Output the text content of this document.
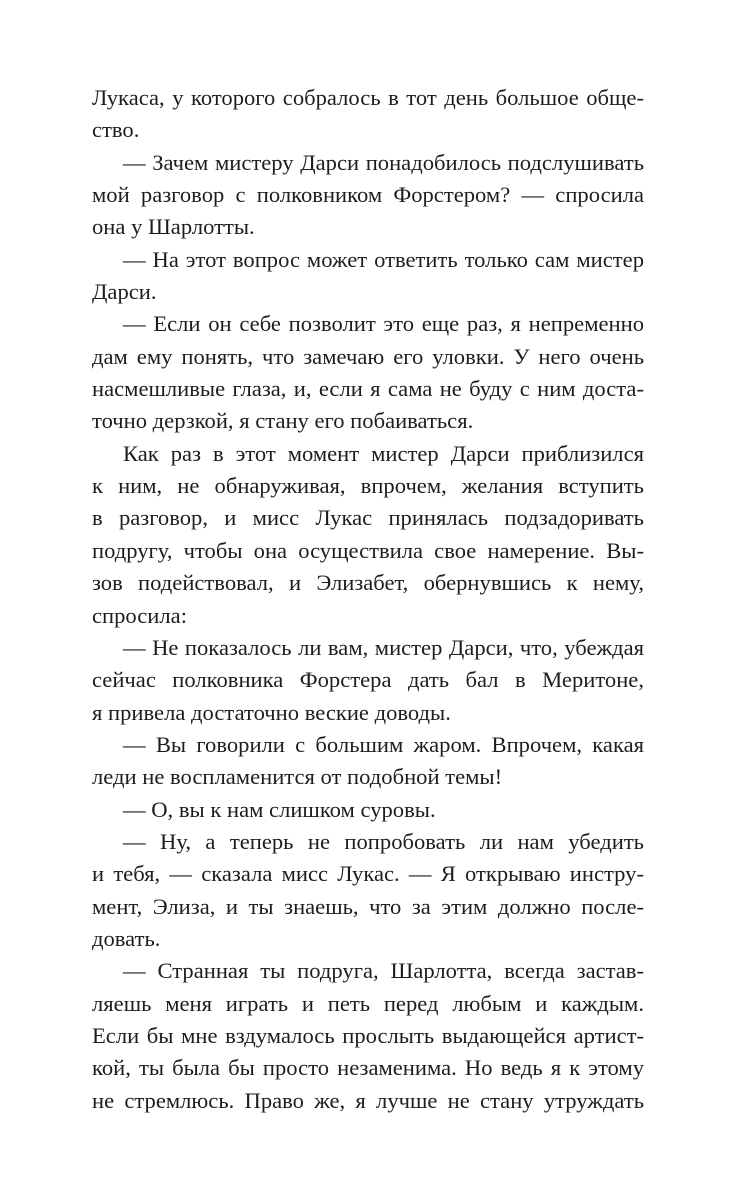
Лукаса, у которого собралось в тот день большое обще-
ство.
— Зачем мистеру Дарси понадобилось подслушивать
мой разговор с полковником Форстером? — спросила
она у Шарлотты.
— На этот вопрос может ответить только сам мистер
Дарси.
— Если он себе позволит это еще раз, я непременно
дам ему понять, что замечаю его уловки. У него очень
насмешливые глаза, и, если я сама не буду с ним доста-
точно дерзкой, я стану его побаиваться.
Как раз в этот момент мистер Дарси приблизился
к ним, не обнаруживая, впрочем, желания вступить
в разговор, и мисс Лукас принялась подзадоривать
подругу, чтобы она осуществила свое намерение. Вы-
зов подействовал, и Элизабет, обернувшись к нему,
спросила:
— Не показалось ли вам, мистер Дарси, что, убеждая
сейчас полковника Форстера дать бал в Меритоне,
я привела достаточно веские доводы.
— Вы говорили с большим жаром. Впрочем, какая
леди не воспламенится от подобной темы!
— О, вы к нам слишком суровы.
— Ну, а теперь не попробовать ли нам убедить
и тебя, — сказала мисс Лукас. — Я открываю инстру-
мент, Элиза, и ты знаешь, что за этим должно после-
довать.
— Странная ты подруга, Шарлотта, всегда застав-
ляешь меня играть и петь перед любым и каждым.
Если бы мне вздумалось прослыть выдающейся артист-
кой, ты была бы просто незаменима. Но ведь я к этому
не стремлюсь. Право же, я лучше не стану утруждать
